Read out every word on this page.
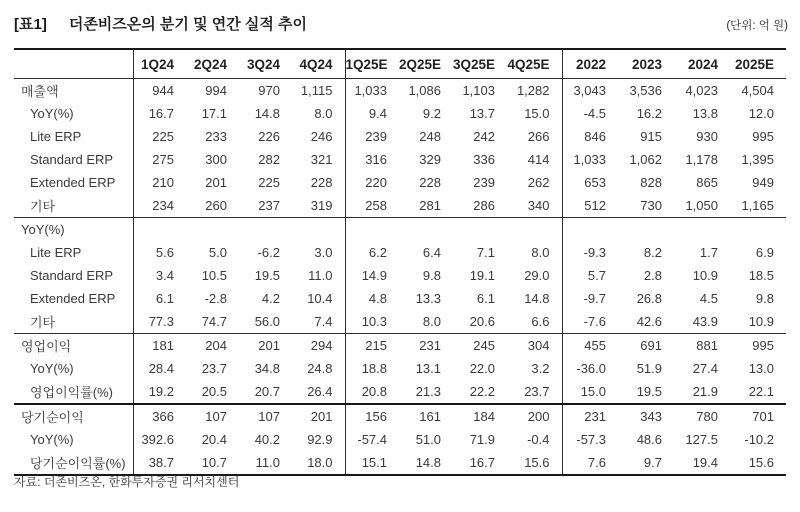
[표1] 더존비즈온의 분기 및 연간 실적 추이	(단위: 억 원)
	1Q24	2Q24	3Q24	4Q24	1Q25E	2Q25E	3Q25E	4Q25E	2022	2023	2024	2025E
매출액	944	994	970	1,115	1,033	1,086	1,103	1,282	3,043	3,536	4,023	4,504
YoY(%)	16.7	17.1	14.8	8.0	9.4	9.2	13.7	15.0	-4.5	16.2	13.8	12.0
Lite ERP	225	233	226	246	239	248	242	266	846	915	930	995
Standard ERP	275	300	282	321	316	329	336	414	1,033	1,062	1,178	1,395
Extended ERP	210	201	225	228	220	228	239	262	653	828	865	949
기타	234	260	237	319	258	281	286	340	512	730	1,050	1,165
YoY(%)												
Lite ERP	5.6	5.0	-6.2	3.0	6.2	6.4	7.1	8.0	-9.3	8.2	1.7	6.9
Standard ERP	3.4	10.5	19.5	11.0	14.9	9.8	19.1	29.0	5.7	2.8	10.9	18.5
Extended ERP	6.1	-2.8	4.2	10.4	4.8	13.3	6.1	14.8	-9.7	26.8	4.5	9.8
기타	77.3	74.7	56.0	7.4	10.3	8.0	20.6	6.6	-7.6	42.6	43.9	10.9
영업이익	181	204	201	294	215	231	245	304	455	691	881	995
YoY(%)	28.4	23.7	34.8	24.8	18.8	13.1	22.0	3.2	-36.0	51.9	27.4	13.0
영업이익률(%)	19.2	20.5	20.7	26.4	20.8	21.3	22.2	23.7	15.0	19.5	21.9	22.1
당기순이익	366	107	107	201	156	161	184	200	231	343	780	701
YoY(%)	392.6	20.4	40.2	92.9	-57.4	51.0	71.9	-0.4	-57.3	48.6	127.5	-10.2
당기순이익률(%)	38.7	10.7	11.0	18.0	15.1	14.8	16.7	15.6	7.6	9.7	19.4	15.6
자료: 더존비즈온, 한화투자증권 리서치센터
